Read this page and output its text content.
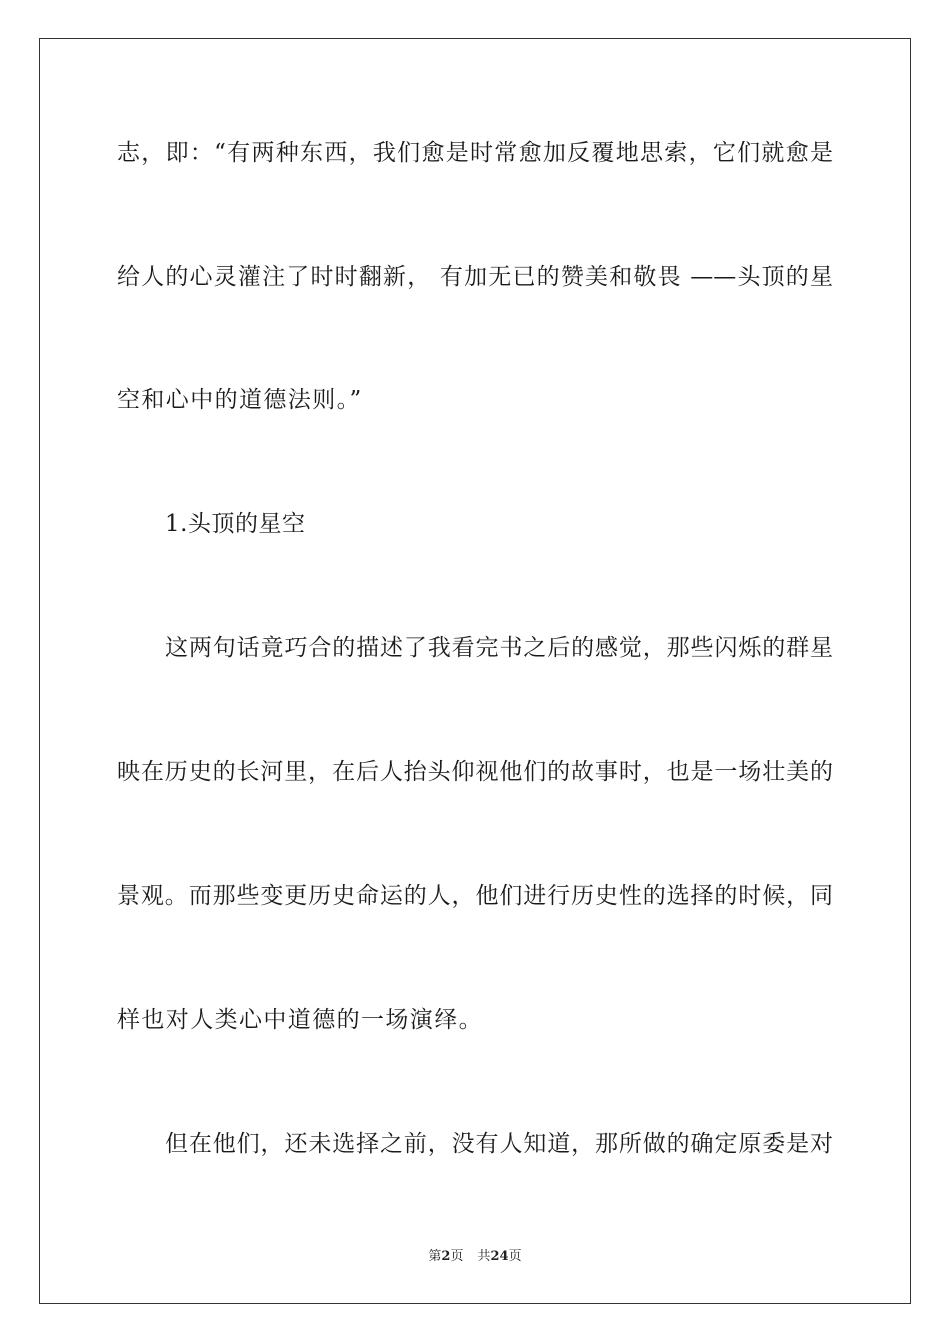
志，即：“有两种东西，我们愈是时常愈加反覆地思索，它们就愈是
给人的心灵灌注了时时翻新， 有加无已的赞美和敬畏 ——头顶的星
空和心中的道德法则。”
1.头顶的星空
这两句话竟巧合的描述了我看完书之后的感觉，那些闪烁的群星
映在历史的长河里，在后人抬头仰视他们的故事时，也是一场壮美的
景观。而那些变更历史命运的人，他们进行历史性的选择的时候，同
样也对人类心中道德的一场演绎。
但在他们，还未选择之前，没有人知道，那所做的确定原委是对
第2页 共24页
